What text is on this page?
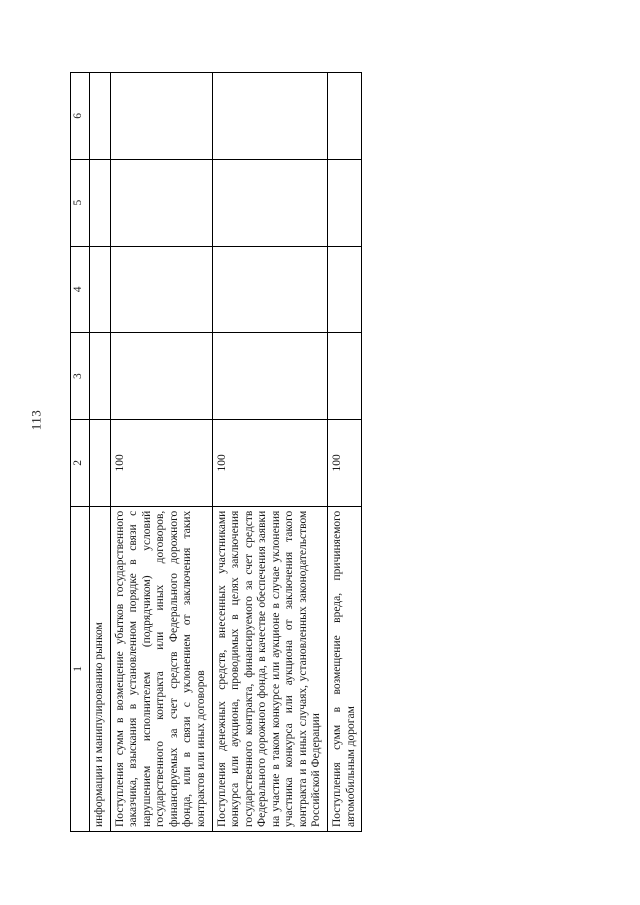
113
1	2	3	4	5	6
информации и манипулированию рынком					
Поступления сумм в возмещение убытков государственного заказчика, взыскания в установленном порядке в связи с нарушением исполнителем (подрядчиком) условий государственного контракта или иных договоров, финансируемых за счет средств Федерального дорожного фонда, или в связи с уклонением от заключения таких контрактов или иных договоров	100				
Поступления денежных средств, внесенных участниками конкурса или аукциона, проводимых в целях заключения государственного контракта, финансируемого за счет средств Федерального дорожного фонда, в качестве обеспечения заявки на участие в таком конкурсе или аукционе в случае уклонения участника конкурса или аукциона от заключения такого контракта и в иных случаях, установленных законодательством Российской Федерации	100				
Поступления сумм в возмещение вреда, причиняемого автомобильным дорогам	100				
